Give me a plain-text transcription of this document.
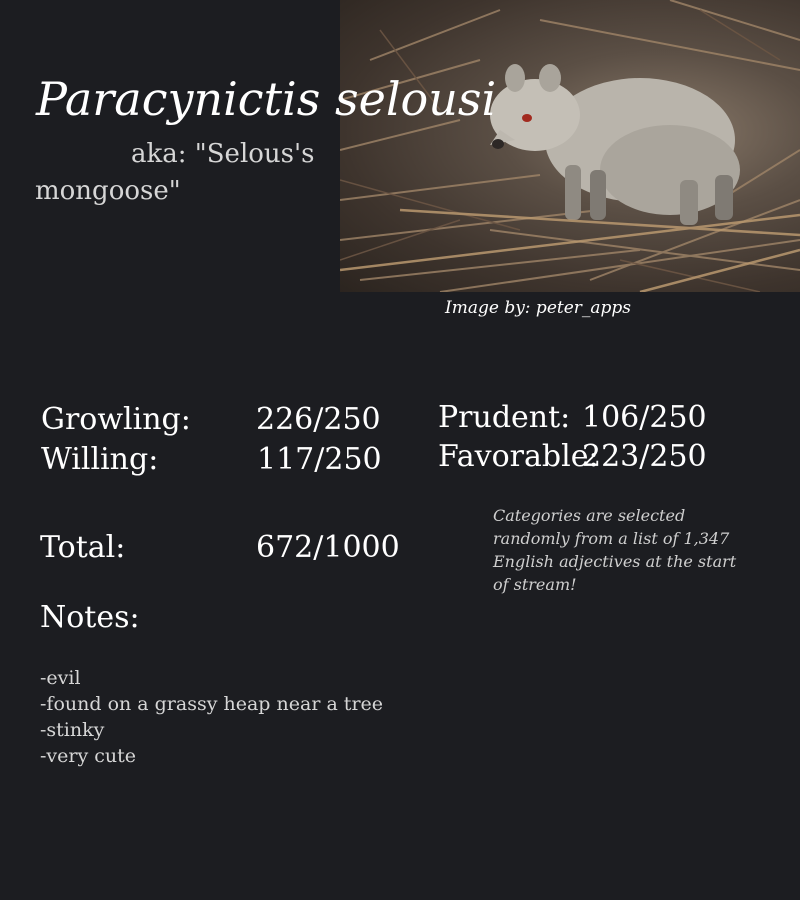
Image by: peter_apps
Paracynictis selousi
aka: "Selous's mongoose"
Growling: 226/250
Willing:	117/250
Prudent: 106/250
Favorable:
223/250
Total:	672/1000
Categories are selected randomly from a list of 1,347 English adjectives at the start of stream!
Notes:
-evil
-found on a grassy heap near a tree
-stinky
-very cute
